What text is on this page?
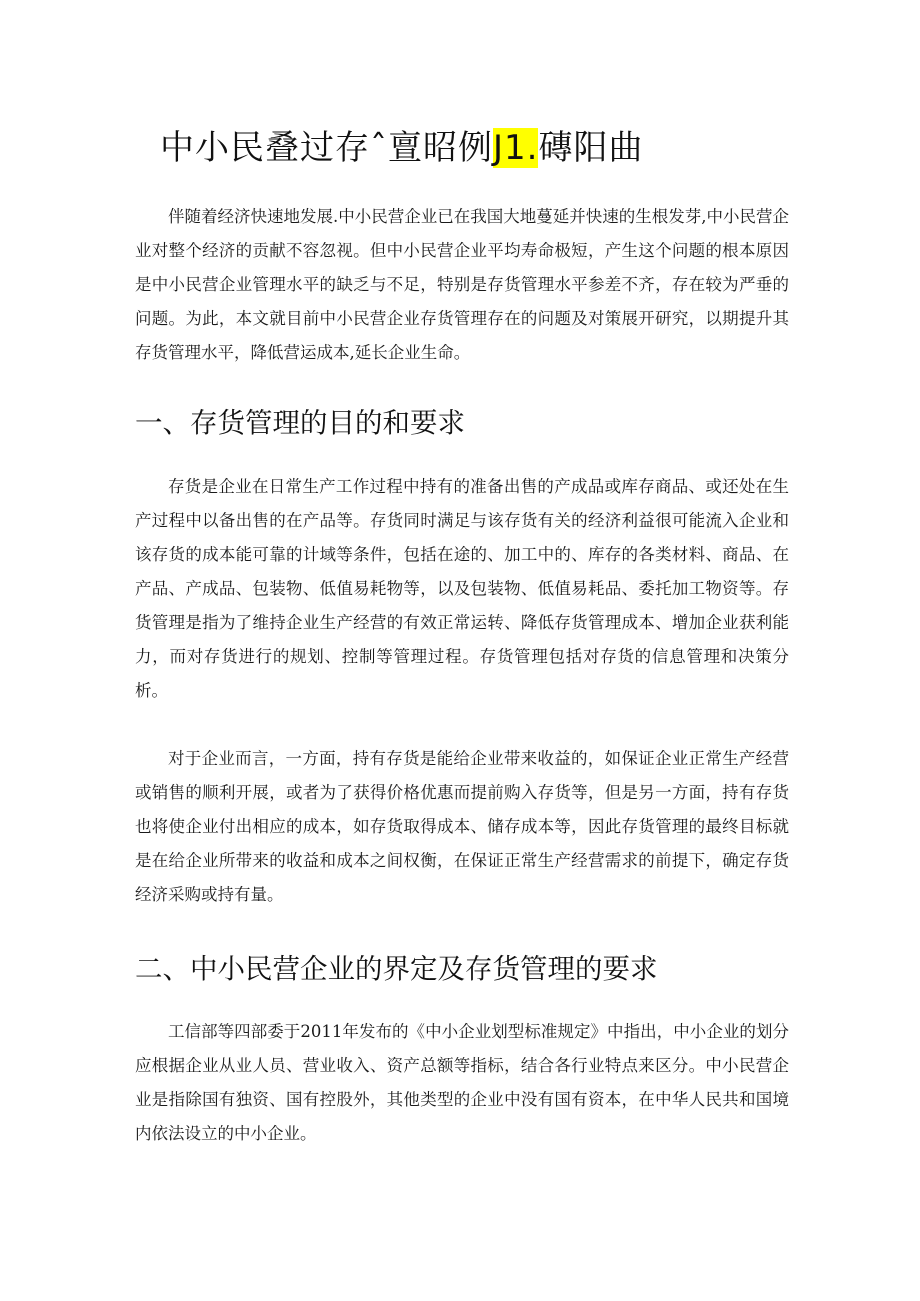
中小民叠过存ˆ亶昭例J1.磚阳曲

伴随着经济快速地发展.中小民营企业已在我国大地蔓延并快速的生根发芽,中小民营企业对整个经济的贡献不容忽视。但中小民营企业平均寿命极短，产生这个问题的根本原因是中小民营企业管理水平的缺乏与不足，特别是存货管理水平参差不齐，存在较为严垂的问题。为此，本文就目前中小民营企业存货管理存在的问题及对策展开研究，以期提升其存货管理水平，降低营运成本,延长企业生命。

一、存货管理的目的和要求

存货是企业在日常生产工作过程中持有的准备出售的产成品或库存商品、或还处在生产过程中以备出售的在产品等。存货同时满足与该存货有关的经济利益很可能流入企业和该存货的成本能可靠的计域等条件，包括在途的、加工中的、库存的各类材料、商品、在产品、产成品、包装物、低值易耗物等，以及包装物、低值易耗品、委托加工物资等。存货管理是指为了维持企业生产经营的有效正常运转、降低存货管理成本、增加企业获利能力，而对存货进行的规划、控制等管理过程。存货管理包括对存货的信息管理和决策分析。

对于企业而言，一方面，持有存货是能给企业带来收益的，如保证企业正常生产经营或销售的顺利开展，或者为了获得价格优惠而提前购入存货等，但是另一方面，持有存货也将使企业付出相应的成本，如存货取得成本、储存成本等，因此存货管理的最终目标就是在给企业所带来的收益和成本之间权衡，在保证正常生产经营需求的前提下，确定存货经济采购或持有量。

二、中小民营企业的界定及存货管理的要求

工信部等四部委于2011年发布的《中小企业划型标准规定》中指出，中小企业的划分应根据企业从业人员、营业收入、资产总额等指标，结合各行业特点来区分。中小民营企业是指除国有独资、国有控股外，其他类型的企业中没有国有资本，在中华人民共和国境内依法设立的中小企业。
